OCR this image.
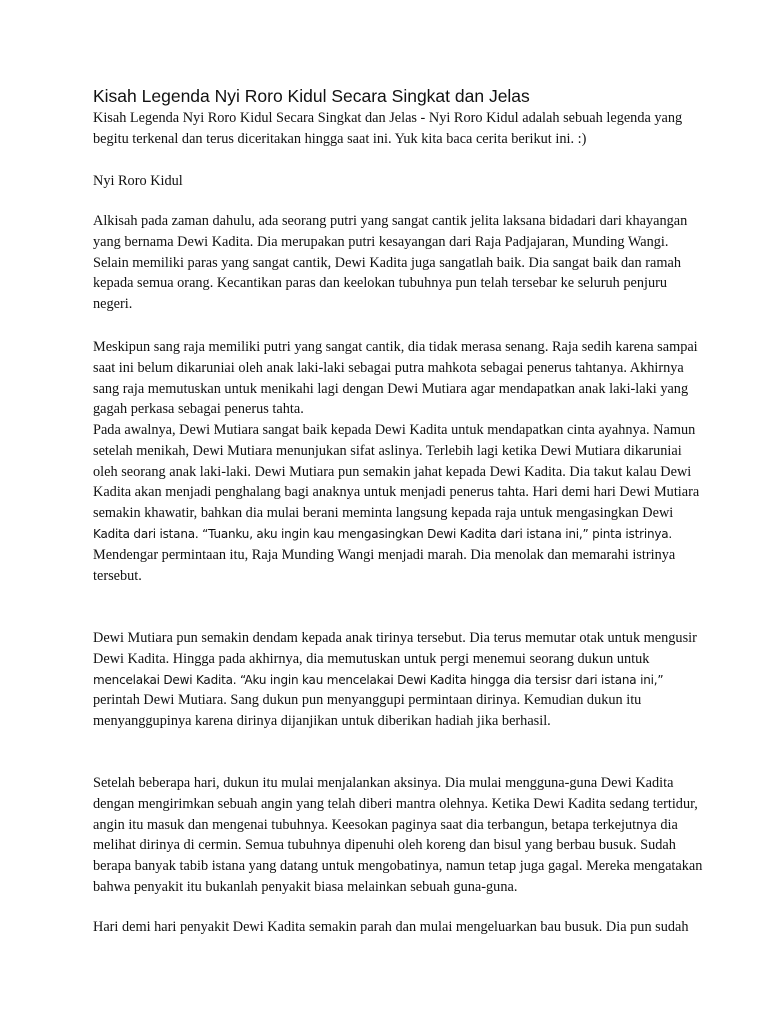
Kisah Legenda Nyi Roro Kidul Secara Singkat dan Jelas
Kisah Legenda Nyi Roro Kidul Secara Singkat dan Jelas - Nyi Roro Kidul adalah sebuah legenda yang
begitu terkenal dan terus diceritakan hingga saat ini. Yuk kita baca cerita berikut ini. :)
Nyi Roro Kidul
Alkisah pada zaman dahulu, ada seorang putri yang sangat cantik jelita laksana bidadari dari khayangan
yang bernama Dewi Kadita. Dia merupakan putri kesayangan dari Raja Padjajaran, Munding Wangi.
Selain memiliki paras yang sangat cantik, Dewi Kadita juga sangatlah baik. Dia sangat baik dan ramah
kepada semua orang. Kecantikan paras dan keelokan tubuhnya pun telah tersebar ke seluruh penjuru
negeri.
Meskipun sang raja memiliki putri yang sangat cantik, dia tidak merasa senang. Raja sedih karena sampai
saat ini belum dikaruniai oleh anak laki-laki sebagai putra mahkota sebagai penerus tahtanya. Akhirnya
sang raja memutuskan untuk menikahi lagi dengan Dewi Mutiara agar mendapatkan anak laki-laki yang
gagah perkasa sebagai penerus tahta.
Pada awalnya, Dewi Mutiara sangat baik kepada Dewi Kadita untuk mendapatkan cinta ayahnya. Namun
setelah menikah, Dewi Mutiara menunjukan sifat aslinya. Terlebih lagi ketika Dewi Mutiara dikaruniai
oleh seorang anak laki-laki. Dewi Mutiara pun semakin jahat kepada Dewi Kadita. Dia takut kalau Dewi
Kadita akan menjadi penghalang bagi anaknya untuk menjadi penerus tahta. Hari demi hari Dewi Mutiara
semakin khawatir, bahkan dia mulai berani meminta langsung kepada raja untuk mengasingkan Dewi
Kadita dari istana. “Tuanku, aku ingin kau mengasingkan Dewi Kadita dari istana ini,” pinta istrinya.
Mendengar permintaan itu, Raja Munding Wangi menjadi marah. Dia menolak dan memarahi istrinya
tersebut.
Dewi Mutiara pun semakin dendam kepada anak tirinya tersebut. Dia terus memutar otak untuk mengusir
Dewi Kadita. Hingga pada akhirnya, dia memutuskan untuk pergi menemui seorang dukun untuk
mencelakai Dewi Kadita. “Aku ingin kau mencelakai Dewi Kadita hingga dia tersisr dari istana ini,”
perintah Dewi Mutiara. Sang dukun pun menyanggupi permintaan dirinya. Kemudian dukun itu
menyanggupinya karena dirinya dijanjikan untuk diberikan hadiah jika berhasil.
Setelah beberapa hari, dukun itu mulai menjalankan aksinya. Dia mulai mengguna-guna Dewi Kadita
dengan mengirimkan sebuah angin yang telah diberi mantra olehnya. Ketika Dewi Kadita sedang tertidur,
angin itu masuk dan mengenai tubuhnya. Keesokan paginya saat dia terbangun, betapa terkejutnya dia
melihat dirinya di cermin. Semua tubuhnya dipenuhi oleh koreng dan bisul yang berbau busuk. Sudah
berapa banyak tabib istana yang datang untuk mengobatinya, namun tetap juga gagal. Mereka mengatakan
bahwa penyakit itu bukanlah penyakit biasa melainkan sebuah guna-guna.
Hari demi hari penyakit Dewi Kadita semakin parah dan mulai mengeluarkan bau busuk. Dia pun sudah
